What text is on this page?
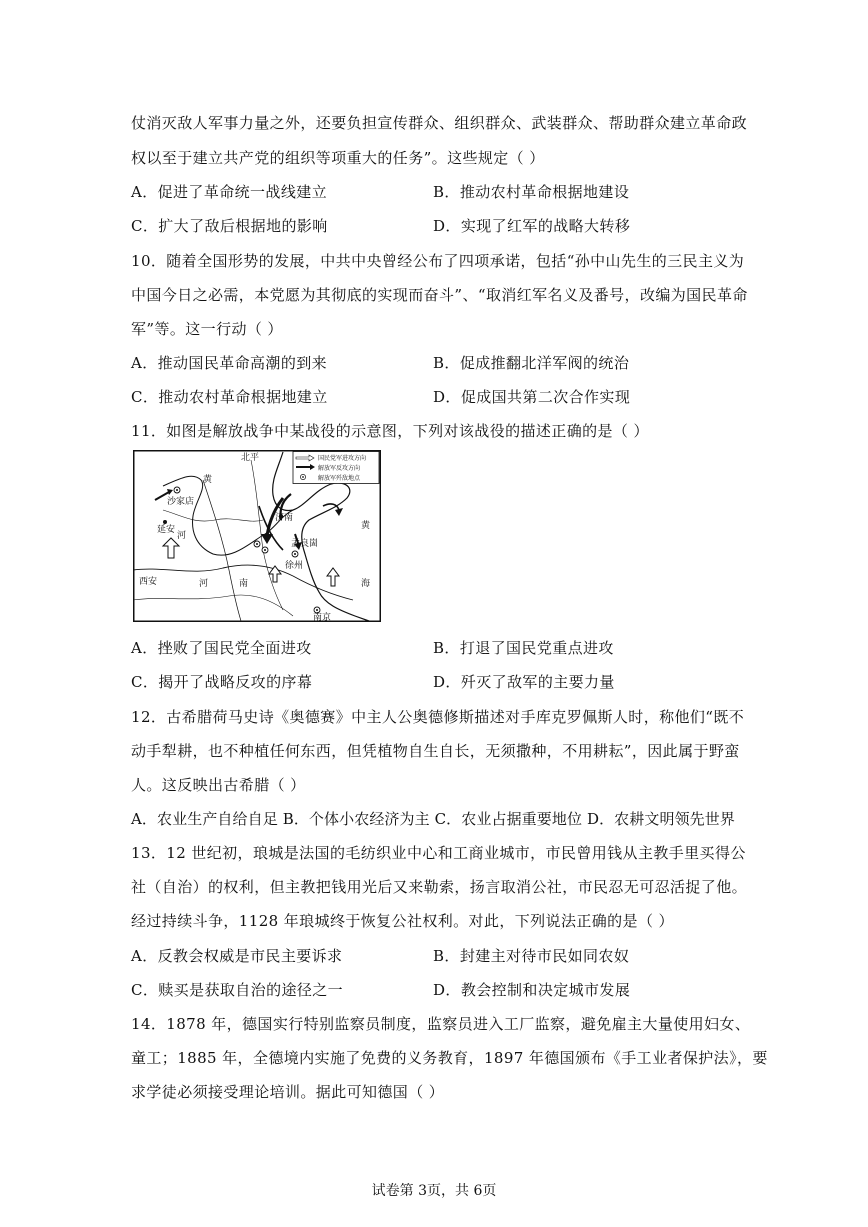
仗消灭敌人军事力量之外，还要负担宣传群众、组织群众、武装群众、帮助群众建立革命政
权以至于建立共产党的组织等项重大的任务”。这些规定（ ）
A．促进了革命统一战线建立	B．推动农村革命根据地建设
C．扩大了敌后根据地的影响	D．实现了红军的战略大转移
10．随着全国形势的发展，中共中央曾经公布了四项承诺，包括“孙中山先生的三民主义为
中国今日之必需，本党愿为其彻底的实现而奋斗”、“取消红军名义及番号，改编为国民革命
军”等。这一行动（ ）
A．推动国民革命高潮的到来	B．促成推翻北洋军阀的统治
C．推动农村革命根据地建立	D．促成国共第二次合作实现
11．如图是解放战争中某战役的示意图，下列对该战役的描述正确的是（ ）
国民党军进攻方向
解放军反攻方向
解放军歼敌地点
北平
沙家店
延安
济南
孟良崮
徐州
西安
南京
黄
河
河	南
黄
海
A．挫败了国民党全面进攻	B．打退了国民党重点进攻
C．揭开了战略反攻的序幕	D．歼灭了敌军的主要力量
12．古希腊荷马史诗《奥德赛》中主人公奥德修斯描述对手库克罗佩斯人时，称他们“既不
动手犁耕，也不种植任何东西，但凭植物自生自长，无须撒种，不用耕耘”，因此属于野蛮
人。这反映出古希腊（ ）
A．农业生产自给自足 B．个体小农经济为主 C．农业占据重要地位 D．农耕文明领先世界
13．12 世纪初，琅城是法国的毛纺织业中心和工商业城市，市民曾用钱从主教手里买得公
社（自治）的权利，但主教把钱用光后又来勒索，扬言取消公社，市民忍无可忍活捉了他。
经过持续斗争，1128 年琅城终于恢复公社权利。对此，下列说法正确的是（ ）
A．反教会权威是市民主要诉求	B．封建主对待市民如同农奴
C．赎买是获取自治的途径之一	D．教会控制和决定城市发展
14．1878 年，德国实行特别监察员制度，监察员进入工厂监察，避免雇主大量使用妇女、
童工；1885 年，全德境内实施了免费的义务教育，1897 年德国颁布《手工业者保护法》，要
求学徒必须接受理论培训。据此可知德国（ ）
试卷第 3页，共 6页
